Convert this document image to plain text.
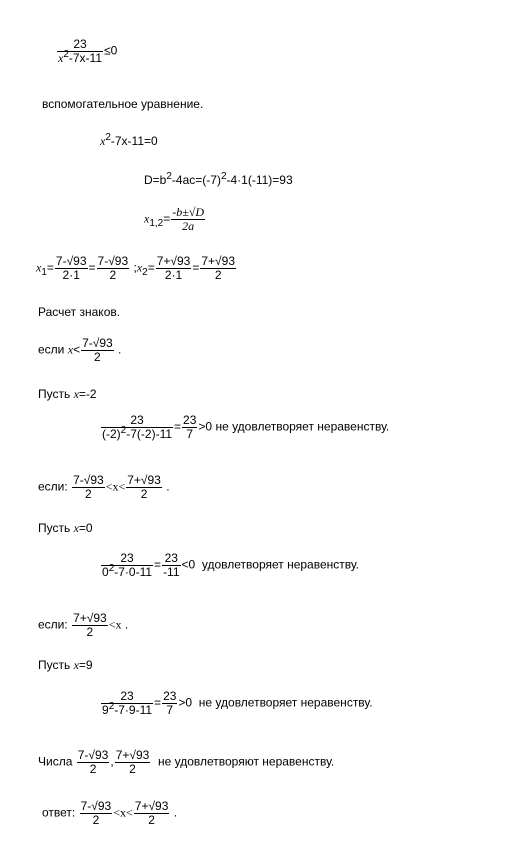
$\frac{23}{x^2-7x-11} \le 0$
вспомогательное уравнение.
$x^2-7x-11=0$
$D=b^2-4ac=(-7)^2-4\cdot 1(-11)=93$
$x_{1,2}= \frac{-b\pm√D}{2a}$
$x_1= \frac{7-√93}{2\cdot 1} = \frac{7-√93}{2}$ $;x_2= \frac{7+√93}{2\cdot 1} = \frac{7+√93}{2}$
Расчет знаков.
если $x< \frac{7-√93}{2}$ .
Пусть x=-2
$\frac{23}{(-2)^2-7(-2)-11} = \frac{23}{7} >0$ не удовлетворяет неравенству.
если: $\frac{7-√93}{2} <x< \frac{7+√93}{2}$ .
Пусть x=0
$\frac{23}{0^2-7\cdot 0-11} = \frac{23}{-11} <0$ удовлетворяет неравенству.
если: $\frac{7+√93}{2} <x$ .
Пусть x=9
$\frac{23}{9^2-7\cdot 9-11} = \frac{23}{7} >0$ не удовлетворяет неравенству.
Числа $\frac{7-√93}{2}$ , $\frac{7+√93}{2}$ не удовлетворяют неравенству.
ответ: $\frac{7-√93}{2} <x< \frac{7+√93}{2}$ .
